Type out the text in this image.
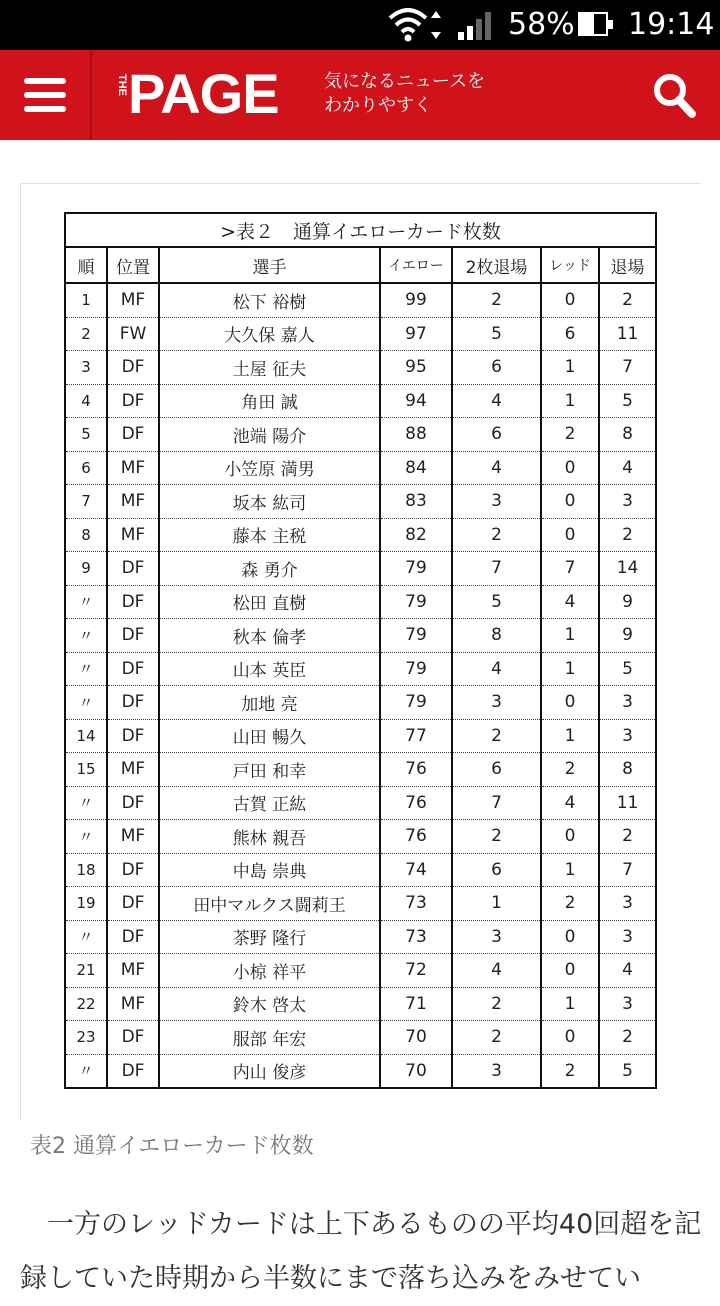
58% 19:14
THE PAGE	気になるニュースを
わかりやすく
>表２　通算イエローカード枚数						
順	位置	選手	イエロー	2枚退場	レッド	退場
1	MF	松下 裕樹	99	2	0	2
2	FW	大久保 嘉人	97	5	6	11
3	DF	土屋 征夫	95	6	1	7
4	DF	角田 誠	94	4	1	5
5	DF	池端 陽介	88	6	2	8
6	MF	小笠原 満男	84	4	0	4
7	MF	坂本 紘司	83	3	0	3
8	MF	藤本 主税	82	2	0	2
9	DF	森 勇介	79	7	7	14
〃	DF	松田 直樹	79	5	4	9
〃	DF	秋本 倫孝	79	8	1	9
〃	DF	山本 英臣	79	4	1	5
〃	DF	加地 亮	79	3	0	3
14	DF	山田 暢久	77	2	1	3
15	MF	戸田 和幸	76	6	2	8
〃	DF	古賀 正紘	76	7	4	11
〃	MF	熊林 親吾	76	2	0	2
18	DF	中島 崇典	74	6	1	7
19	DF	田中マルクス闘莉王	73	1	2	3
〃	DF	茶野 隆行	73	3	0	3
21	MF	小椋 祥平	72	4	0	4
22	MF	鈴木 啓太	71	2	1	3
23	DF	服部 年宏	70	2	0	2
〃	DF	内山 俊彦	70	3	2	5
表2 通算イエローカード枚数
一方のレッドカードは上下あるものの平均40回超を記録していた時期から半数にまで落ち込みをみせてい
